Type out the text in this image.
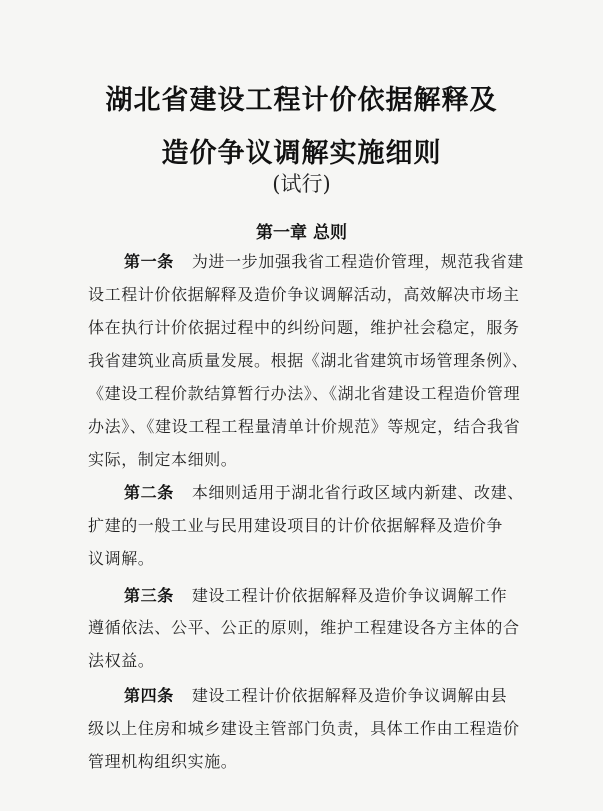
湖北省建设工程计价依据解释及
造价争议调解实施细则
(试行)
第一章 总则
第一条 为进一步加强我省工程造价管理，规范我省建
设工程计价依据解释及造价争议调解活动，高效解决市场主
体在执行计价依据过程中的纠纷问题，维护社会稳定，服务
我省建筑业高质量发展。根据《湖北省建筑市场管理条例》、
《建设工程价款结算暂行办法》、《湖北省建设工程造价管理
办法》、《建设工程工程量清单计价规范》等规定，结合我省
实际，制定本细则。
第二条 本细则适用于湖北省行政区域内新建、改建、
扩建的一般工业与民用建设项目的计价依据解释及造价争
议调解。
第三条 建设工程计价依据解释及造价争议调解工作
遵循依法、公平、公正的原则，维护工程建设各方主体的合
法权益。
第四条 建设工程计价依据解释及造价争议调解由县
级以上住房和城乡建设主管部门负责，具体工作由工程造价
管理机构组织实施。
